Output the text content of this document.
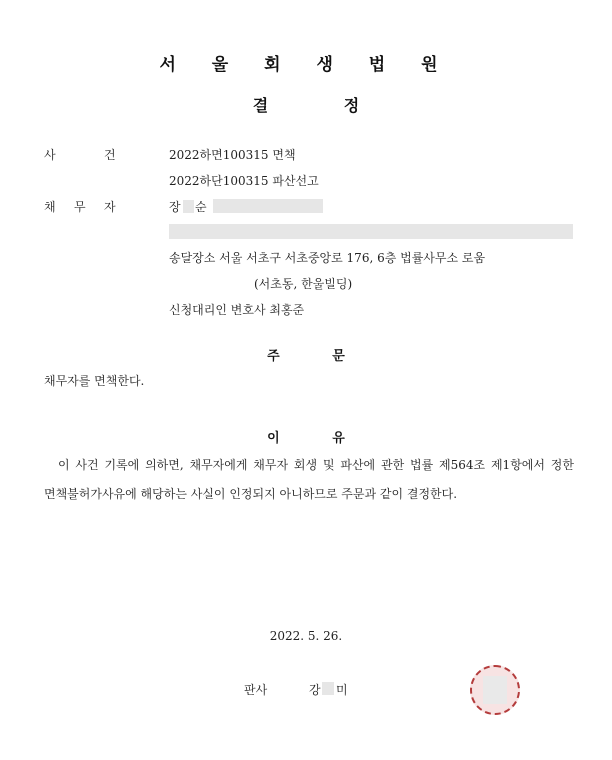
서 울 회 생 법 원
결 정
사	건	2022하면100315 면책
2022하단100315 파산선고
채 무 자	장 순
송달장소 서울 서초구 서초중앙로 176, 6층 법률사무소 로움
(서초동, 한울빌딩)
신청대리인 변호사 최홍준
주 문
채무자를 면책한다.
이 유
이 사건 기록에 의하면, 채무자에게 채무자 회생 및 파산에 관한 법률 제564조 제1항에서 정한 면책불허가사유에 해당하는 사실이 인정되지 아니하므로 주문과 같이 결정한다.
2022. 5. 26.
판사	강 미
